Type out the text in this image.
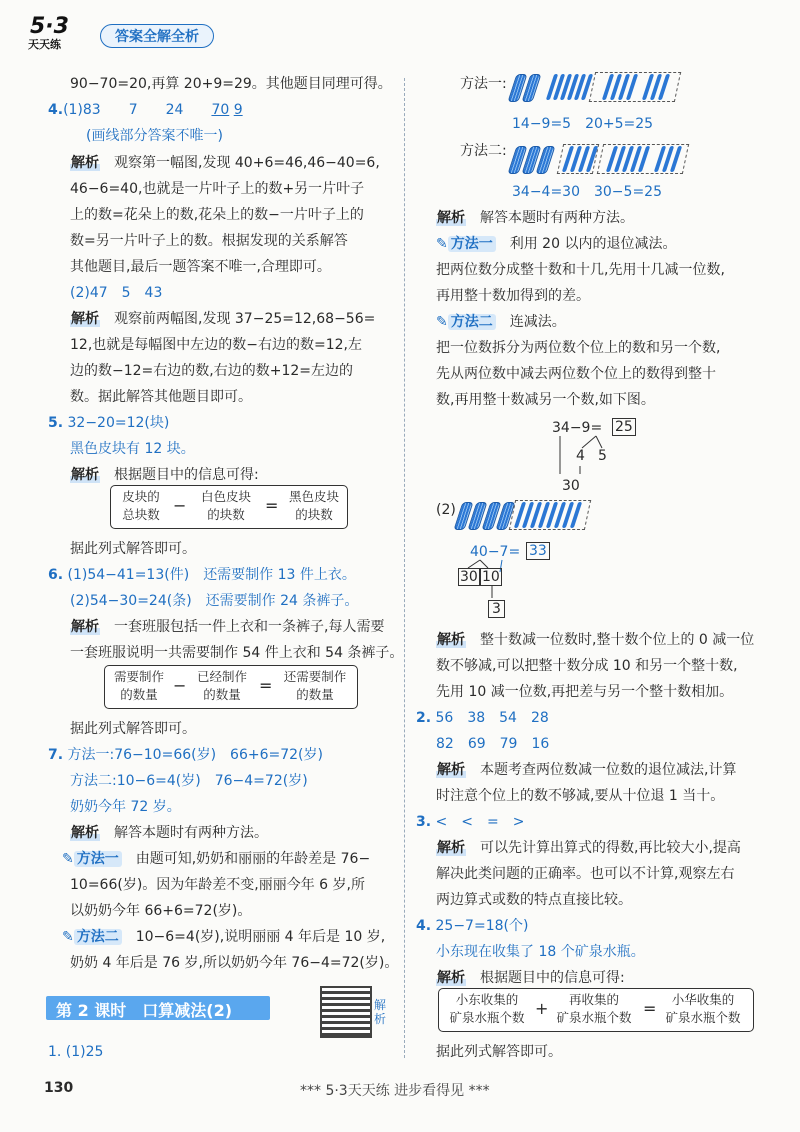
5·3
天天练	答案全解全析
90−70=20,再算 20+9=29。其他题目同理可得。
4.(1)83　　7　　24　　70 9
(画线部分答案不唯一)
解析　 观察第一幅图,发现 40+6=46,46−40=6,
46−6=40,也就是一片叶子上的数+另一片叶子
上的数=花朵上的数,花朵上的数−一片叶子上的
数=另一片叶子上的数。根据发现的关系解答
其他题目,最后一题答案不唯一,合理即可。
(2)47　5　43
解析　 观察前两幅图,发现 37−25=12,68−56=
12,也就是每幅图中左边的数−右边的数=12,左
边的数−12=右边的数,右边的数+12=左边的
数。据此解答其他题目即可。
5. 32−20=12(块)
黑色皮块有 12 块。
解析　 根据题目中的信息可得:
皮块的
总块数 −	白色皮块
的块数	= 黑色皮块
的块数
据此列式解答即可。
6. (1)54−41=13(件)　 还需要制作 13 件上衣。
(2)54−30=24(条)　 还需要制作 24 条裤子。
解析　 一套班服包括一件上衣和一条裤子,每人需要
一套班服说明一共需要制作 54 件上衣和 54 条裤子。
需要制作
的数量 − 已经制作
的数量	= 还需要制作
的数量
据此列式解答即可。
7. 方法一:76−10=66(岁)　66+6=72(岁)
方法二:10−6=4(岁)　76−4=72(岁)
奶奶今年 72 岁。
解析　 解答本题时有两种方法。
✎ 方法一　 由题可知,奶奶和丽丽的年龄差是 76−
10=66(岁)。因为年龄差不变,丽丽今年 6 岁,所
以奶奶今年 66+6=72(岁)。
✎ 方法二　 10−6=4(岁),说明丽丽 4 年后是 10 岁,
奶奶 4 年后是 76 岁,所以奶奶今年 76−4=72(岁)。
第 2 课时　口算减法(2)	解析
1. (1)25
方法一:
14−9=5　20+5=25
方法二:
34−4=30　30−5=25
解析　 解答本题时有两种方法。
✎ 方法一　 利用 20 以内的退位减法。
把两位数分成整十数和十几,先用十几减一位数,
再用整十数加得到的差。
✎ 方法二　 连减法。
把一位数拆分为两位数个位上的数和另一个数,
先从两位数中减去两位数个位上的数得到整十
数,再用整十数减另一个数,如下图。
34−9= 25
4 5
30
(2)
40−7= 33
30 10
3
解析　 整十数减一位数时,整十数个位上的 0 减一位
数不够减,可以把整十数分成 10 和另一个整十数,
先用 10 减一位数,再把差与另一个整十数相加。
2. 56　38　54　28
82　69　79　16
解析　 本题考查两位数减一位数的退位减法,计算
时注意个位上的数不够减,要从十位退 1 当十。
3. <　<　=　>
解析　 可以先计算出算式的得数,再比较大小,提高
解决此类问题的正确率。也可以不计算,观察左右
两边算式或数的特点直接比较。
4. 25−7=18(个)
小东现在收集了 18 个矿泉水瓶。
解析　 根据题目中的信息可得:
小东收集的
矿泉水瓶个数 +	再收集的
矿泉水瓶个数 =	小华收集的
矿泉水瓶个数
据此列式解答即可。
130	*** 5·3天天练 进步看得见 ***
